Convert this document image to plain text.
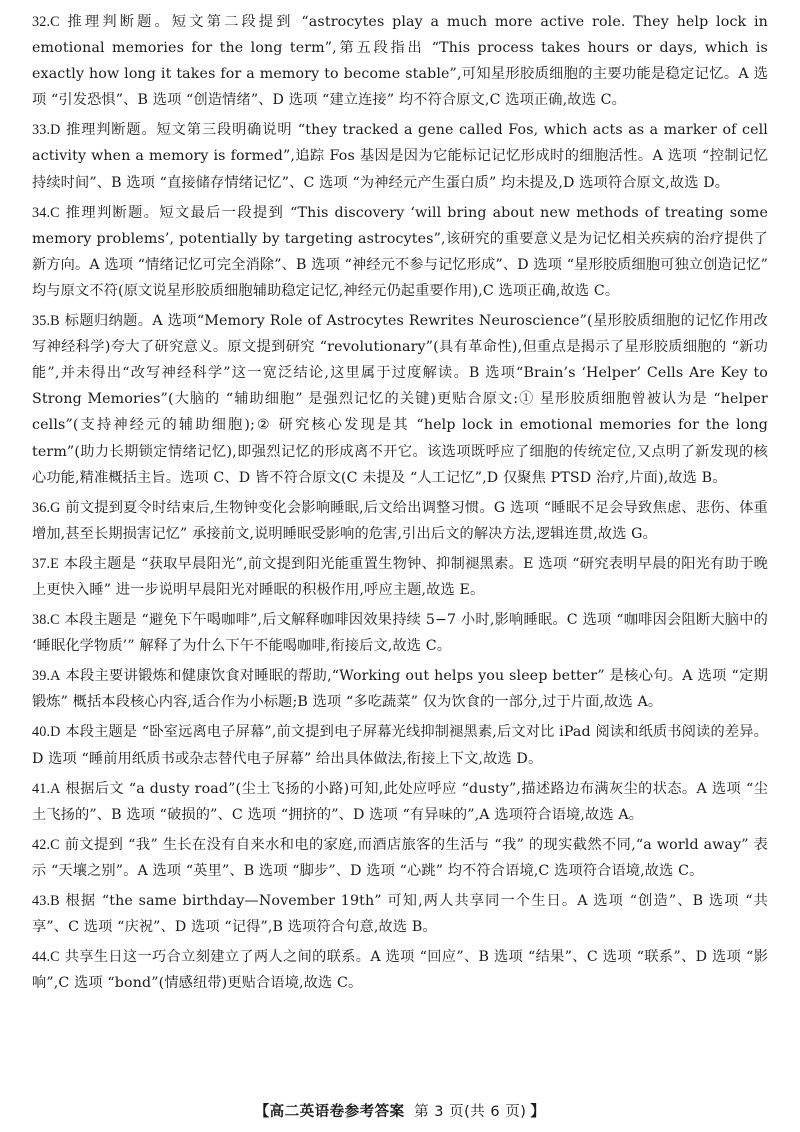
32.C 推理判断题。短文第二段提到 “astrocytes play a much more active role. They help lock in emotional memories for the long term”,第五段指出 “This process takes hours or days, which is exactly how long it takes for a memory to become stable”,可知星形胶质细胞的主要功能是稳定记忆。A 选项 “引发恐惧”、B 选项 “创造情绪”、D 选项 “建立连接” 均不符合原文,C 选项正确,故选 C。

33.D 推理判断题。短文第三段明确说明 “they tracked a gene called Fos, which acts as a marker of cell activity when a memory is formed”,追踪 Fos 基因是因为它能标记记忆形成时的细胞活性。A 选项 “控制记忆持续时间”、B 选项 “直接储存情绪记忆”、C 选项 “为神经元产生蛋白质” 均未提及,D 选项符合原文,故选 D。

34.C 推理判断题。短文最后一段提到 “This discovery ‘will bring about new methods of treating some memory problems’, potentially by targeting astrocytes”,该研究的重要意义是为记忆相关疾病的治疗提供了新方向。A 选项 “情绪记忆可完全消除”、B 选项 “神经元不参与记忆形成”、D 选项 “星形胶质细胞可独立创造记忆” 均与原文不符(原文说星形胶质细胞辅助稳定记忆,神经元仍起重要作用),C 选项正确,故选 C。

35.B 标题归纳题。A 选项“Memory Role of Astrocytes Rewrites Neuroscience”(星形胶质细胞的记忆作用改写神经科学)夸大了研究意义。原文提到研究 “revolutionary”(具有革命性),但重点是揭示了星形胶质细胞的 “新功能”,并未得出“改写神经科学”这一宽泛结论,这里属于过度解读。B 选项“Brain’s ‘Helper’ Cells Are Key to Strong Memories”(大脑的 “辅助细胞” 是强烈记忆的关键)更贴合原文:① 星形胶质细胞曾被认为是 “helper cells”(支持神经元的辅助细胞);② 研究核心发现是其 “help lock in emotional memories for the long term”(助力长期锁定情绪记忆),即强烈记忆的形成离不开它。该选项既呼应了细胞的传统定位,又点明了新发现的核心功能,精准概括主旨。选项 C、D 皆不符合原文(C 未提及 “人工记忆”,D 仅聚焦 PTSD 治疗,片面),故选 B。

36.G 前文提到夏令时结束后,生物钟变化会影响睡眠,后文给出调整习惯。G 选项 “睡眠不足会导致焦虑、悲伤、体重增加,甚至长期损害记忆” 承接前文,说明睡眠受影响的危害,引出后文的解决方法,逻辑连贯,故选 G。

37.E 本段主题是 “获取早晨阳光”,前文提到阳光能重置生物钟、抑制褪黑素。E 选项 “研究表明早晨的阳光有助于晚上更快入睡” 进一步说明早晨阳光对睡眠的积极作用,呼应主题,故选 E。

38.C 本段主题是 “避免下午喝咖啡”,后文解释咖啡因效果持续 5−7 小时,影响睡眠。C 选项 “咖啡因会阻断大脑中的 ‘睡眠化学物质’” 解释了为什么下午不能喝咖啡,衔接后文,故选 C。

39.A 本段主要讲锻炼和健康饮食对睡眠的帮助,“Working out helps you sleep better” 是核心句。A 选项 “定期锻炼” 概括本段核心内容,适合作为小标题;B 选项 “多吃蔬菜” 仅为饮食的一部分,过于片面,故选 A。

40.D 本段主题是 “卧室远离电子屏幕”,前文提到电子屏幕光线抑制褪黑素,后文对比 iPad 阅读和纸质书阅读的差异。D 选项 “睡前用纸质书或杂志替代电子屏幕” 给出具体做法,衔接上下文,故选 D。

41.A 根据后文 “a dusty road”(尘土飞扬的小路)可知,此处应呼应 “dusty”,描述路边布满灰尘的状态。A 选项 “尘土飞扬的”、B 选项 “破损的”、C 选项 “拥挤的”、D 选项 “有异味的”,A 选项符合语境,故选 A。

42.C 前文提到 “我” 生长在没有自来水和电的家庭,而酒店旅客的生活与 “我” 的现实截然不同,“a world away” 表示 “天壤之别”。A 选项 “英里”、B 选项 “脚步”、D 选项 “心跳” 均不符合语境,C 选项符合语境,故选 C。

43.B 根据 “the same birthday—November 19th” 可知,两人共享同一个生日。A 选项 “创造”、B 选项 “共享”、C 选项 “庆祝”、D 选项 “记得”,B 选项符合句意,故选 B。

44.C 共享生日这一巧合立刻建立了两人之间的联系。A 选项 “回应”、B 选项 “结果”、C 选项 “联系”、D 选项 “影响”,C 选项 “bond”(情感纽带)更贴合语境,故选 C。

【高二英语卷参考答案 第 3 页(共 6 页) 】
